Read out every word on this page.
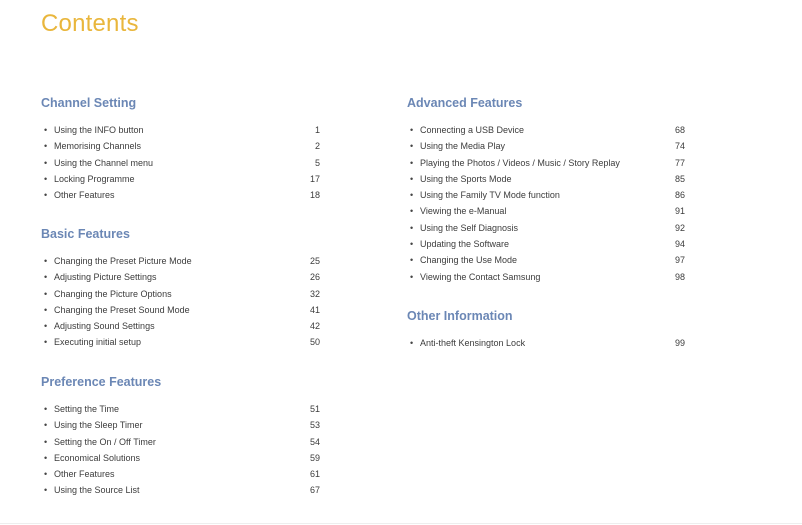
Contents
Channel Setting
• Using the INFO button	1
• Memorising Channels	2
• Using the Channel menu	5
• Locking Programme	17
• Other Features	18
Basic Features
• Changing the Preset Picture Mode	25
• Adjusting Picture Settings	26
• Changing the Picture Options	32
• Changing the Preset Sound Mode	41
• Adjusting Sound Settings	42
• Executing initial setup	50
Preference Features
• Setting the Time	51
• Using the Sleep Timer	53
• Setting the On / Off Timer	54
• Economical Solutions	59
• Other Features	61
• Using the Source List	67
Advanced Features
• Connecting a USB Device	68
• Using the Media Play	74
• Playing the Photos / Videos / Music / Story Replay	77
• Using the Sports Mode	85
• Using the Family TV Mode function	86
• Viewing the e-Manual	91
• Using the Self Diagnosis	92
• Updating the Software	94
• Changing the Use Mode	97
• Viewing the Contact Samsung	98
Other Information
• Anti-theft Kensington Lock	99
